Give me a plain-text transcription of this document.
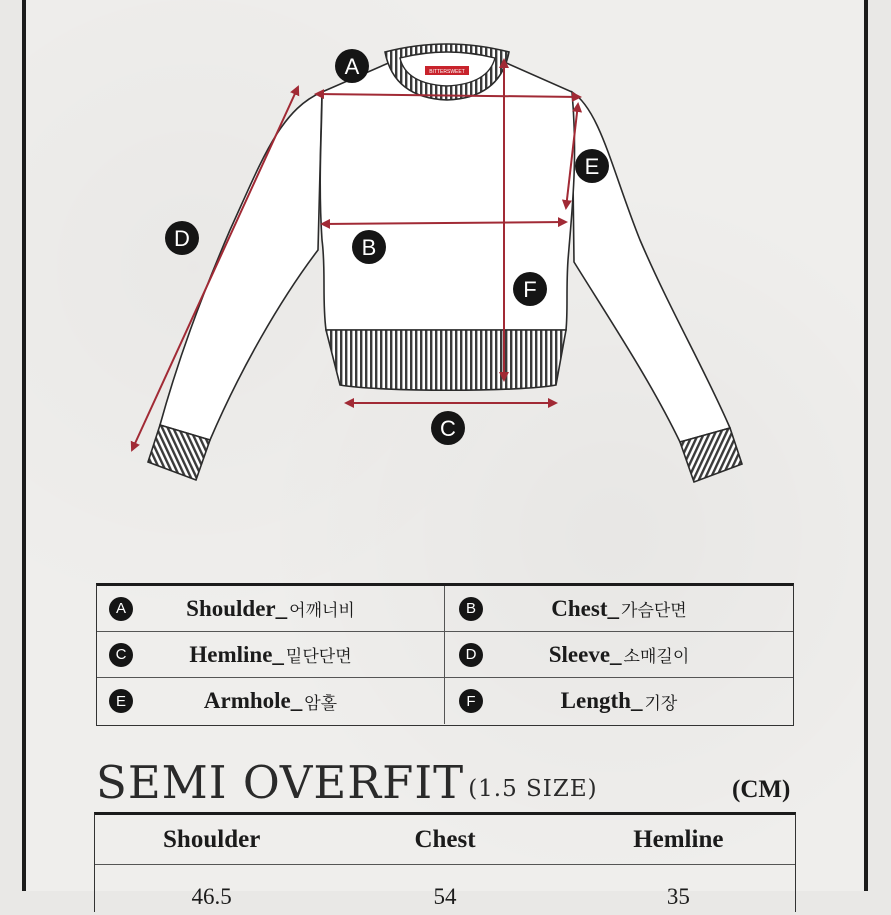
BITTERSWEET
A
B
C
D
E
F
A	Shoulder_ 어깨너비	B	Chest_ 가슴단면
C	Hemline_ 밑단단면	D	Sleeve_ 소매길이
E	Armhole_ 암홀	F	Length_ 기장
SEMI OVERFIT (1.5 SIZE)	(CM)
Shoulder	Chest	Hemline
46.5	54	35
